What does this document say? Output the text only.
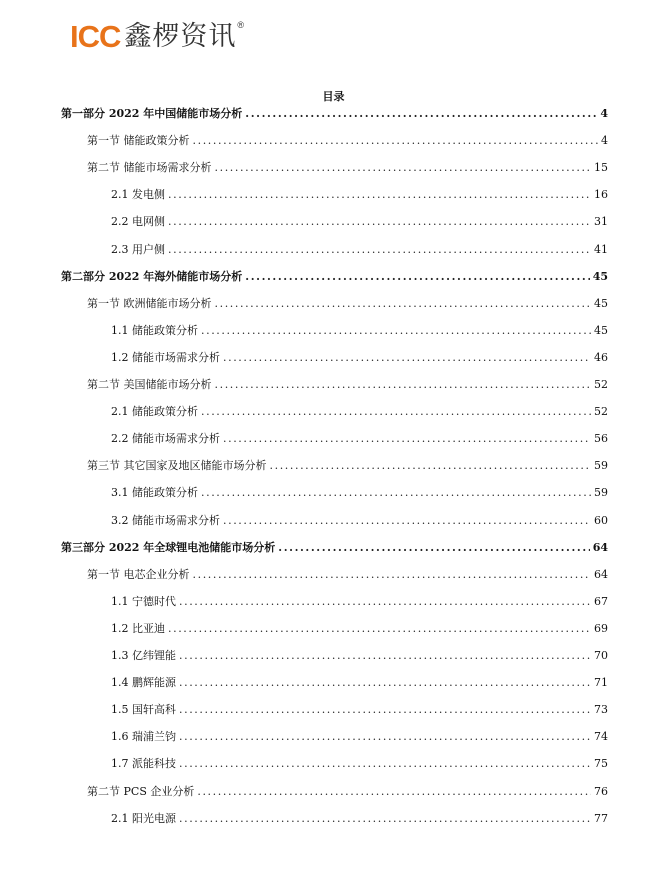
ICC 鑫椤资讯 ®
目录
第一部分 2022 年中国储能市场分析 .....	4
第一节 储能政策分析 .....	4
第二节 储能市场需求分析 .....	15
2.1 发电侧 .....	16
2.2 电网侧 .....	31
2.3 用户侧 .....	41
第二部分 2022 年海外储能市场分析 .....	45
第一节 欧洲储能市场分析 .....	45
1.1 储能政策分析 .....	45
1.2 储能市场需求分析 .....	46
第二节 美国储能市场分析 .....	52
2.1 储能政策分析 .....	52
2.2 储能市场需求分析 .....	56
第三节 其它国家及地区储能市场分析 .....	59
3.1 储能政策分析 .....	59
3.2 储能市场需求分析 .....	60
第三部分 2022 年全球锂电池储能市场分析 .....	64
第一节 电芯企业分析 .....	64
1.1 宁德时代 .....	67
1.2 比亚迪 .....	69
1.3 亿纬锂能 .....	70
1.4 鹏辉能源 .....	71
1.5 国轩高科 .....	73
1.6 瑞浦兰钧 .....	74
1.7 派能科技 .....	75
第二节 PCS 企业分析 .....	76
2.1 阳光电源 .....	77
